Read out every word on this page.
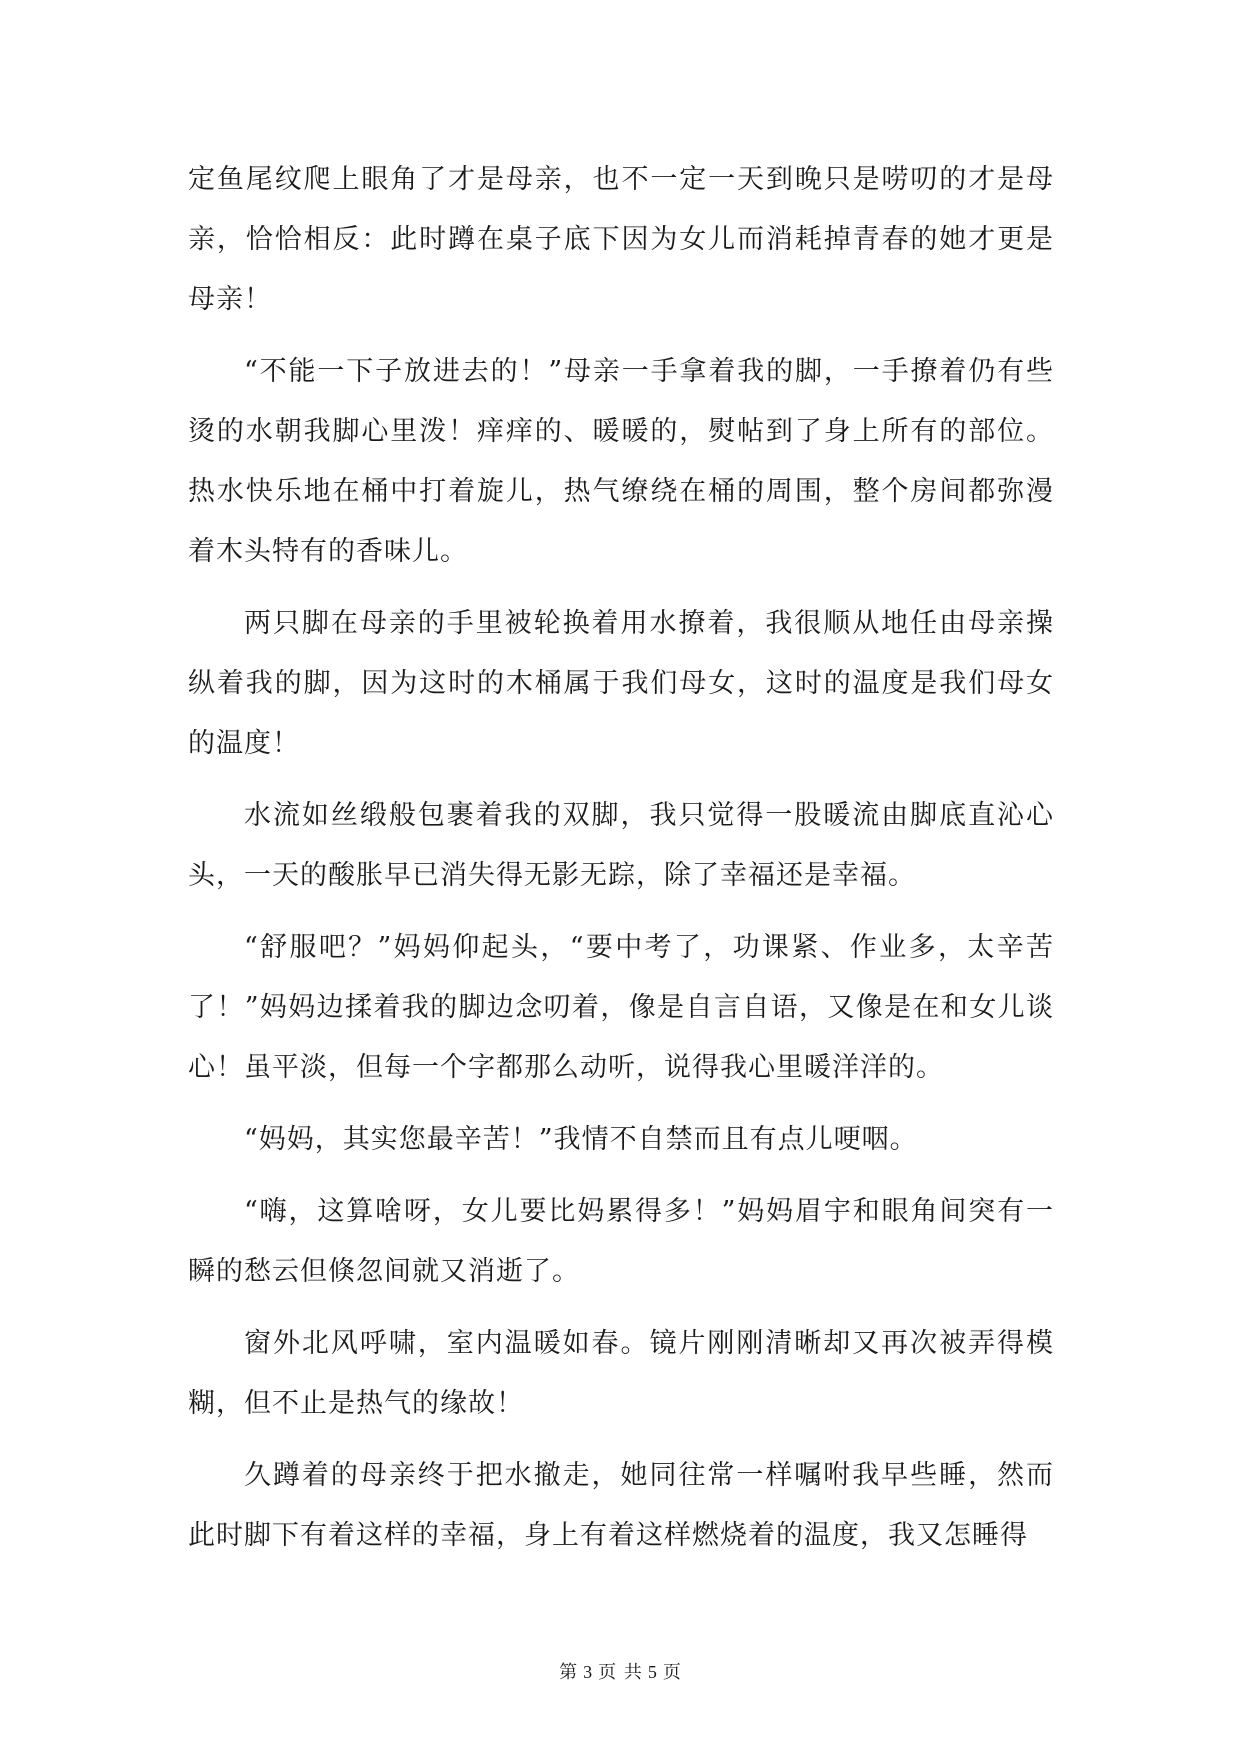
定鱼尾纹爬上眼角了才是母亲，也不一定一天到晚只是唠叨的才是母亲，恰恰相反：此时蹲在桌子底下因为女儿而消耗掉青春的她才更是母亲！

“不能一下子放进去的！”母亲一手拿着我的脚，一手撩着仍有些烫的水朝我脚心里泼！痒痒的、暖暖的，熨帖到了身上所有的部位。热水快乐地在桶中打着旋儿，热气缭绕在桶的周围，整个房间都弥漫着木头特有的香味儿。

两只脚在母亲的手里被轮换着用水撩着，我很顺从地任由母亲操纵着我的脚，因为这时的木桶属于我们母女，这时的温度是我们母女的温度！

水流如丝缎般包裹着我的双脚，我只觉得一股暖流由脚底直沁心头，一天的酸胀早已消失得无影无踪，除了幸福还是幸福。

“舒服吧？”妈妈仰起头，“要中考了，功课紧、作业多，太辛苦了！”妈妈边揉着我的脚边念叨着，像是自言自语，又像是在和女儿谈心！虽平淡，但每一个字都那么动听，说得我心里暖洋洋的。

“妈妈，其实您最辛苦！”我情不自禁而且有点儿哽咽。

“嗨，这算啥呀，女儿要比妈累得多！”妈妈眉宇和眼角间突有一瞬的愁云但倏忽间就又消逝了。

窗外北风呼啸，室内温暖如春。镜片刚刚清晰却又再次被弄得模糊，但不止是热气的缘故！

久蹲着的母亲终于把水撤走，她同往常一样嘱咐我早些睡，然而此时脚下有着这样的幸福，身上有着这样燃烧着的温度，我又怎睡得

第 3 页 共 5 页
